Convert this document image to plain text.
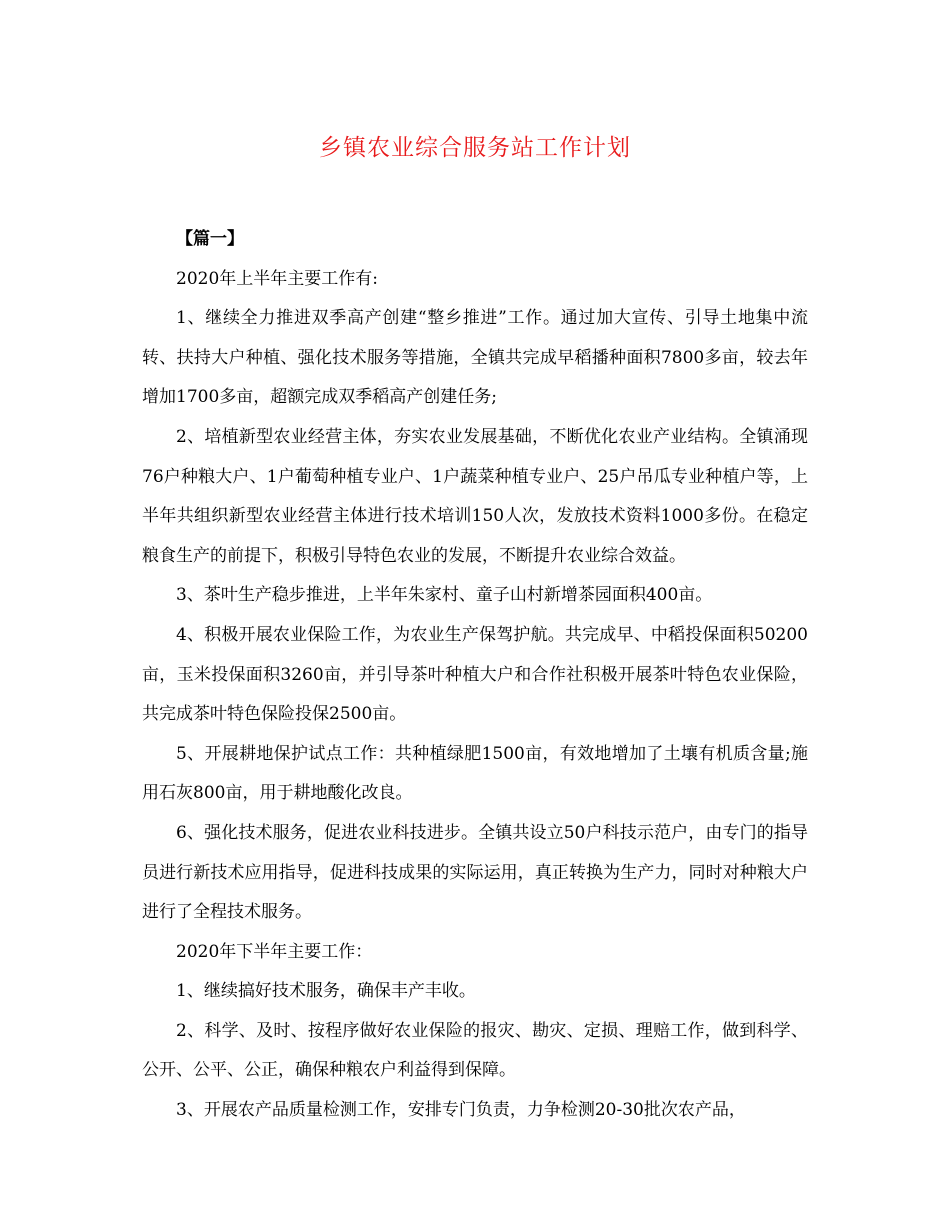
乡镇农业综合服务站工作计划

【篇一】

2020年上半年主要工作有:

1、继续全力推进双季高产创建“整乡推进”工作。通过加大宣传、引导土地集中流转、扶持大户种植、强化技术服务等措施，全镇共完成早稻播种面积7800多亩，较去年增加1700多亩，超额完成双季稻高产创建任务;

2、培植新型农业经营主体，夯实农业发展基础，不断优化农业产业结构。全镇涌现76户种粮大户、1户葡萄种植专业户、1户蔬菜种植专业户、25户吊瓜专业种植户等，上半年共组织新型农业经营主体进行技术培训150人次，发放技术资料1000多份。在稳定粮食生产的前提下，积极引导特色农业的发展，不断提升农业综合效益。

3、茶叶生产稳步推进，上半年朱家村、童子山村新增茶园面积400亩。

4、积极开展农业保险工作，为农业生产保驾护航。共完成早、中稻投保面积50200亩，玉米投保面积3260亩，并引导茶叶种植大户和合作社积极开展茶叶特色农业保险，共完成茶叶特色保险投保2500亩。

5、开展耕地保护试点工作：共种植绿肥1500亩，有效地增加了土壤有机质含量;施用石灰800亩，用于耕地酸化改良。

6、强化技术服务，促进农业科技进步。全镇共设立50户科技示范户，由专门的指导员进行新技术应用指导，促进科技成果的实际运用，真正转换为生产力，同时对种粮大户进行了全程技术服务。

2020年下半年主要工作：

1、继续搞好技术服务，确保丰产丰收。

2、科学、及时、按程序做好农业保险的报灾、勘灾、定损、理赔工作，做到科学、公开、公平、公正，确保种粮农户利益得到保障。

3、开展农产品质量检测工作，安排专门负责，力争检测20-30批次农产品，
